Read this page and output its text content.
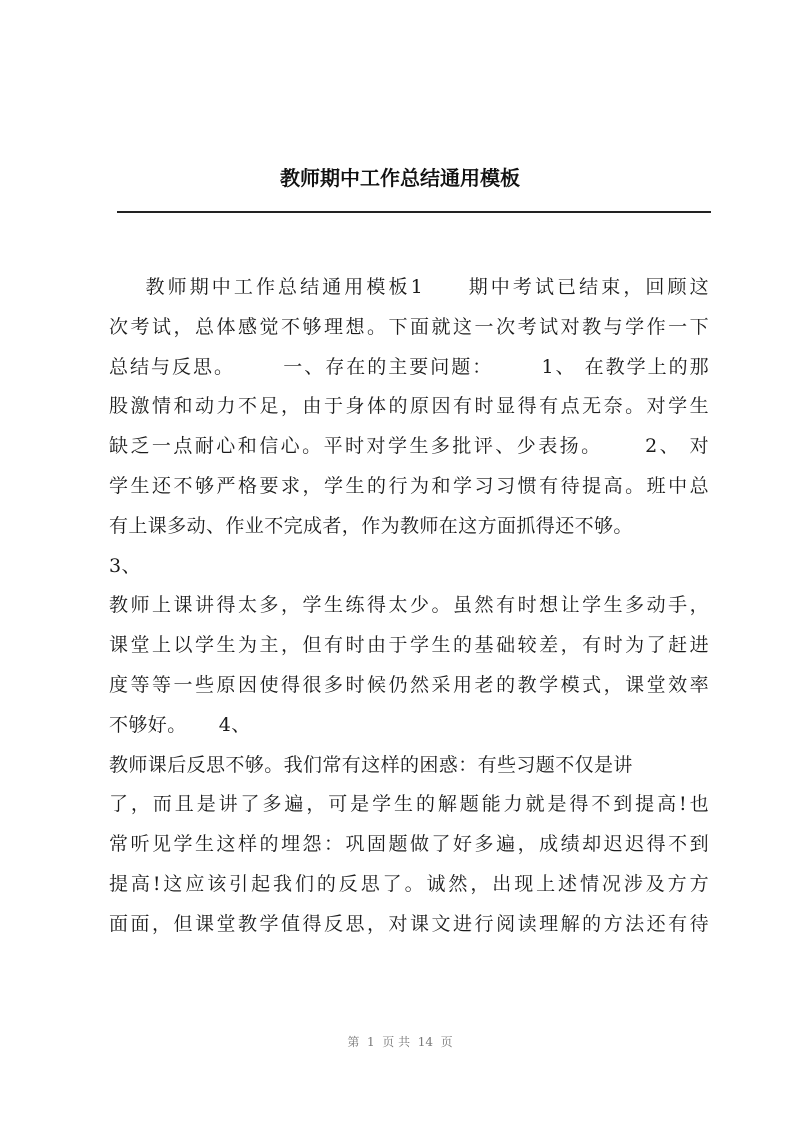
教师期中工作总结通用模板
教师期中工作总结通用模板1     期中考试已结束，回顾这
次考试，总体感觉不够理想。下面就这一次考试对教与学作一下
总结与反思。      一、存在的主要问题：      1、 在教学上的那
股激情和动力不足，由于身体的原因有时显得有点无奈。对学生
缺乏一点耐心和信心。平时对学生多批评、少表扬。     2、 对
学生还不够严格要求，学生的行为和学习习惯有待提高。班中总
有上课多动、作业不完成者，作为教师在这方面抓得还不够。
3、
教师上课讲得太多，学生练得太少。虽然有时想让学生多动手，
课堂上以学生为主，但有时由于学生的基础较差，有时为了赶进
度等等一些原因使得很多时候仍然采用老的教学模式，课堂效率
不够好。     4、
教师课后反思不够。我们常有这样的困惑：有些习题不仅是讲
了，而且是讲了多遍，可是学生的解题能力就是得不到提高!也
常听见学生这样的埋怨：巩固题做了好多遍，成绩却迟迟得不到
提高!这应该引起我们的反思了。诚然，出现上述情况涉及方方
面面，但课堂教学值得反思，对课文进行阅读理解的方法还有待
第  1  页 共  14  页
